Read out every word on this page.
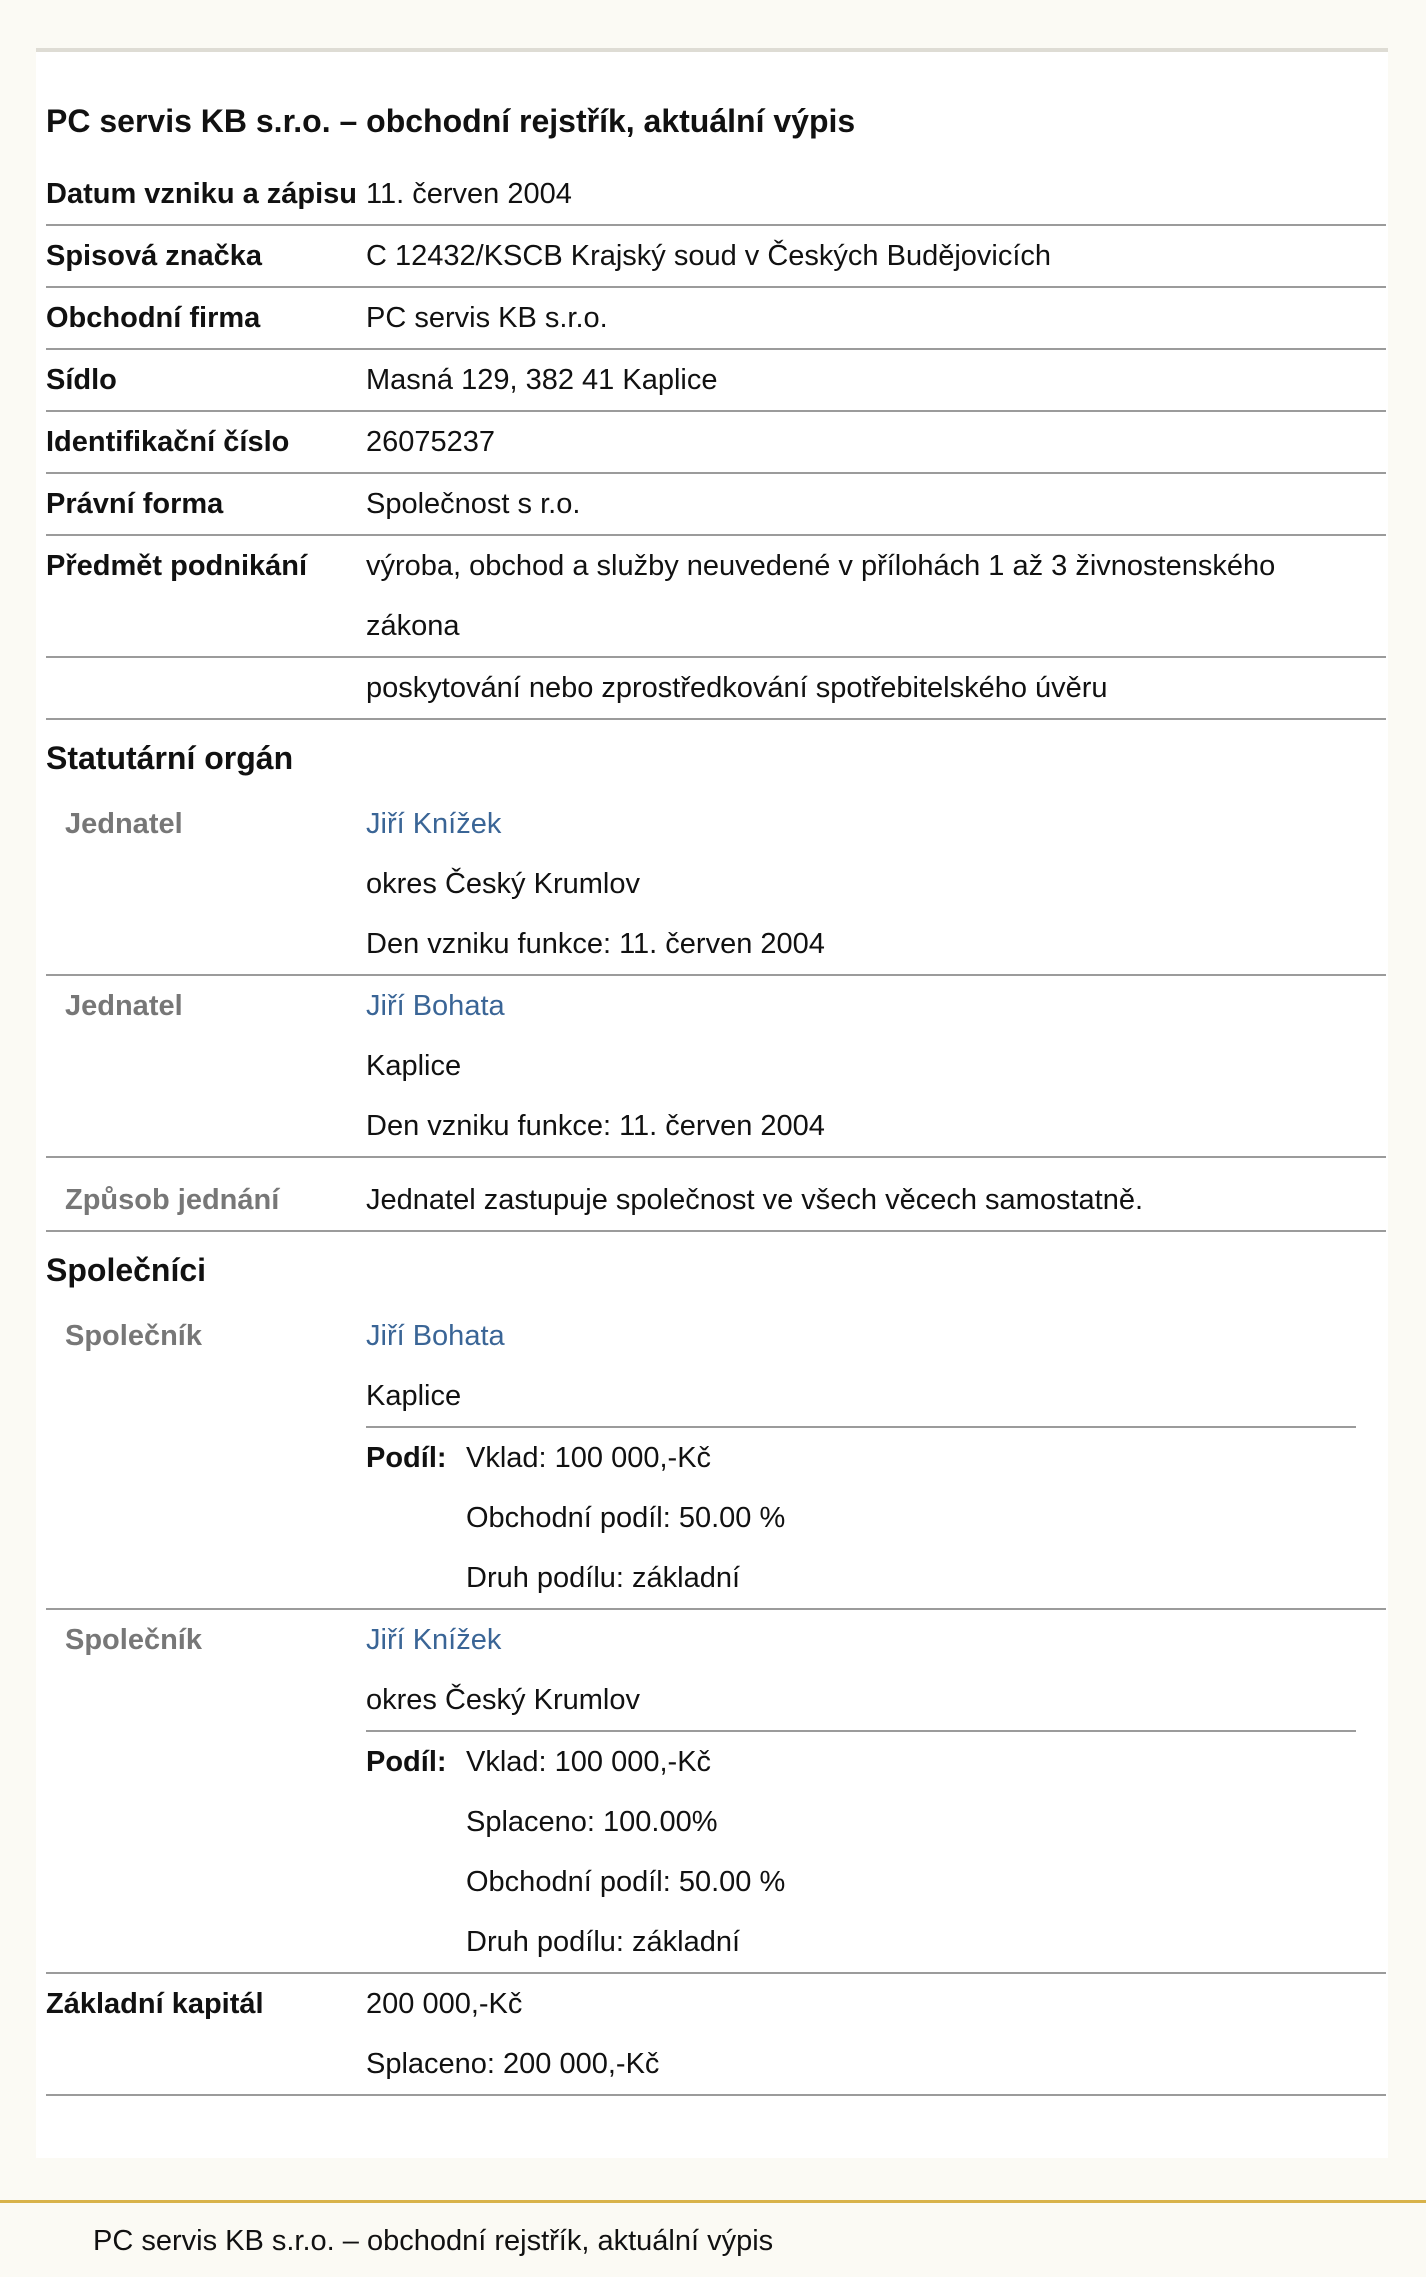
PC servis KB s.r.o. – obchodní rejstřík, aktuální výpis
Datum vzniku a zápisu 11. červen 2004
Spisová značka	C 12432/KSCB Krajský soud v Českých Budějovicích
Obchodní firma	PC servis KB s.r.o.
Sídlo	Masná 129, 382 41 Kaplice
Identifikační číslo	26075237
Právní forma	Společnost s r.o.
Předmět podnikání	výroba, obchod a služby neuvedené v přílohách 1 až 3 živnostenského zákona
poskytování nebo zprostředkování spotřebitelského úvěru
Statutární orgán
Jednatel	Jiří Knížek
okres Český Krumlov
Den vzniku funkce: 11. červen 2004
Jednatel	Jiří Bohata
Kaplice
Den vzniku funkce: 11. červen 2004
Způsob jednání	Jednatel zastupuje společnost ve všech věcech samostatně.
Společníci
Společník	Jiří Bohata
Kaplice
Podíl: Vklad: 100 000,-Kč
Obchodní podíl: 50.00 %
Druh podílu: základní
Společník	Jiří Knížek
okres Český Krumlov
Podíl: Vklad: 100 000,-Kč
Splaceno: 100.00%
Obchodní podíl: 50.00 %
Druh podílu: základní
Základní kapitál	200 000,-Kč
Splaceno: 200 000,-Kč
PC servis KB s.r.o. – obchodní rejstřík, aktuální výpis
